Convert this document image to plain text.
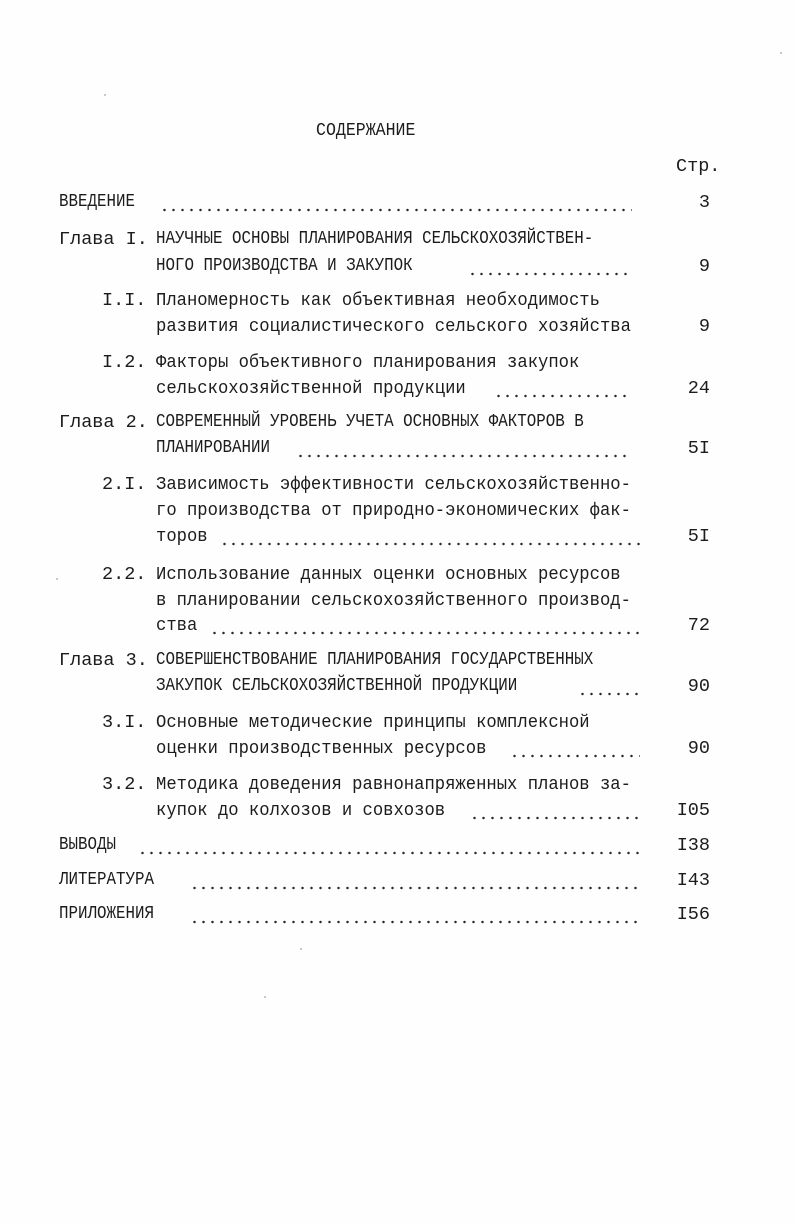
СОДЕРЖАНИЕ
Стр.
ВВЕДЕНИЕ	3
Глава I. НАУЧНЫЕ ОСНОВЫ ПЛАНИРОВАНИЯ СЕЛЬСКОХОЗЯЙСТВЕН-
НОГО ПРОИЗВОДСТВА И ЗАКУПОК	9
I.I. Планомерность как объективная необходимость
развития социалистического сельского хозяйства	9
I.2. Факторы объективного планирования закупок
сельскохозяйственной продукции	24
Глава 2. СОВРЕМЕННЫЙ УРОВЕНЬ УЧЕТА ОСНОВНЫХ ФАКТОРОВ В
ПЛАНИРОВАНИИ	5I
2.I. Зависимость эффективности сельскохозяйственно-
го производства от природно-экономических фак-
торов	5I
2.2. Использование данных оценки основных ресурсов
в планировании сельскохозяйственного производ-
ства	72
Глава 3. СОВЕРШЕНСТВОВАНИЕ ПЛАНИРОВАНИЯ ГОСУДАРСТВЕННЫХ
ЗАКУПОК СЕЛЬСКОХОЗЯЙСТВЕННОЙ ПРОДУКЦИИ	90
3.I. Основные методические принципы комплексной
оценки производственных ресурсов	90
3.2. Методика доведения равнонапряженных планов за-
купок до колхозов и совхозов	I05
ВЫВОДЫ	I38
ЛИТЕРАТУРА	I43
ПРИЛОЖЕНИЯ	I56
